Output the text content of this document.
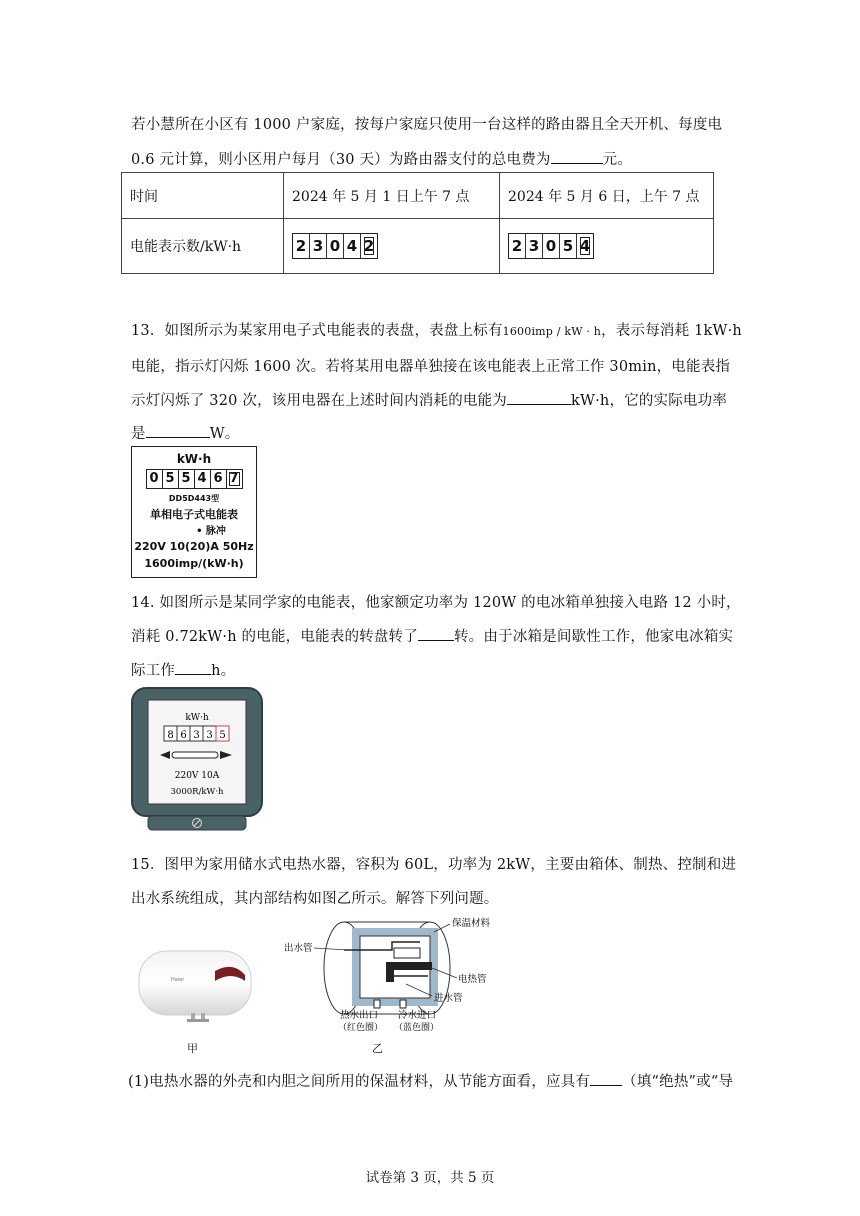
若小慧所在小区有 1000 户家庭，按每户家庭只使用一台这样的路由器且全天开机、每度电
0.6 元计算，则小区用户每月（30 天）为路由器支付的总电费为	元。
时间	2024 年 5 月 1 日上午 7 点	2024 年 5 月 6 日，上午 7 点
电能表示数/kW·h	2 3 0 4 2	2 3 0 5 4
13．如图所示为某家用电子式电能表的表盘，表盘上标有1600imp / kW · h，表示每消耗 1kW·h
电能，指示灯闪烁 1600 次。若将某用电器单独接在该电能表上正常工作 30min，电能表指
示灯闪烁了 320 次，该用电器在上述时间内消耗的电能为	kW·h，它的实际电功率
是	W。
kW·h
0 5 5 4 6 7
DD5D443型
单相电子式电能表
• 脉冲
220V 10(20)A 50Hz
1600imp/(kW·h)
14. 如图所示是某同学家的电能表，他家额定功率为 120W 的电冰箱单独接入电路 12 小时，
消耗 0.72kW·h 的电能，电能表的转盘转了 转。由于冰箱是间歇性工作，他家电冰箱实
际工作 h。
kW·h
8 6 3 3 5
220V 10A
3000R/kW·h
15．图甲为家用储水式电热水器，容积为 60L，功率为 2kW，主要由箱体、制热、控制和进
出水系统组成，其内部结构如图乙所示。解答下列问题。
Haier
甲
出水管
保温材料
电热管
进水管
热水出口
（红色圈）
冷水进口
（蓝色圈）
乙
(1)电热水器的外壳和内胆之间所用的保温材料，从节能方面看，应具有 （填“绝热”或“导
试卷第 3 页，共 5 页
